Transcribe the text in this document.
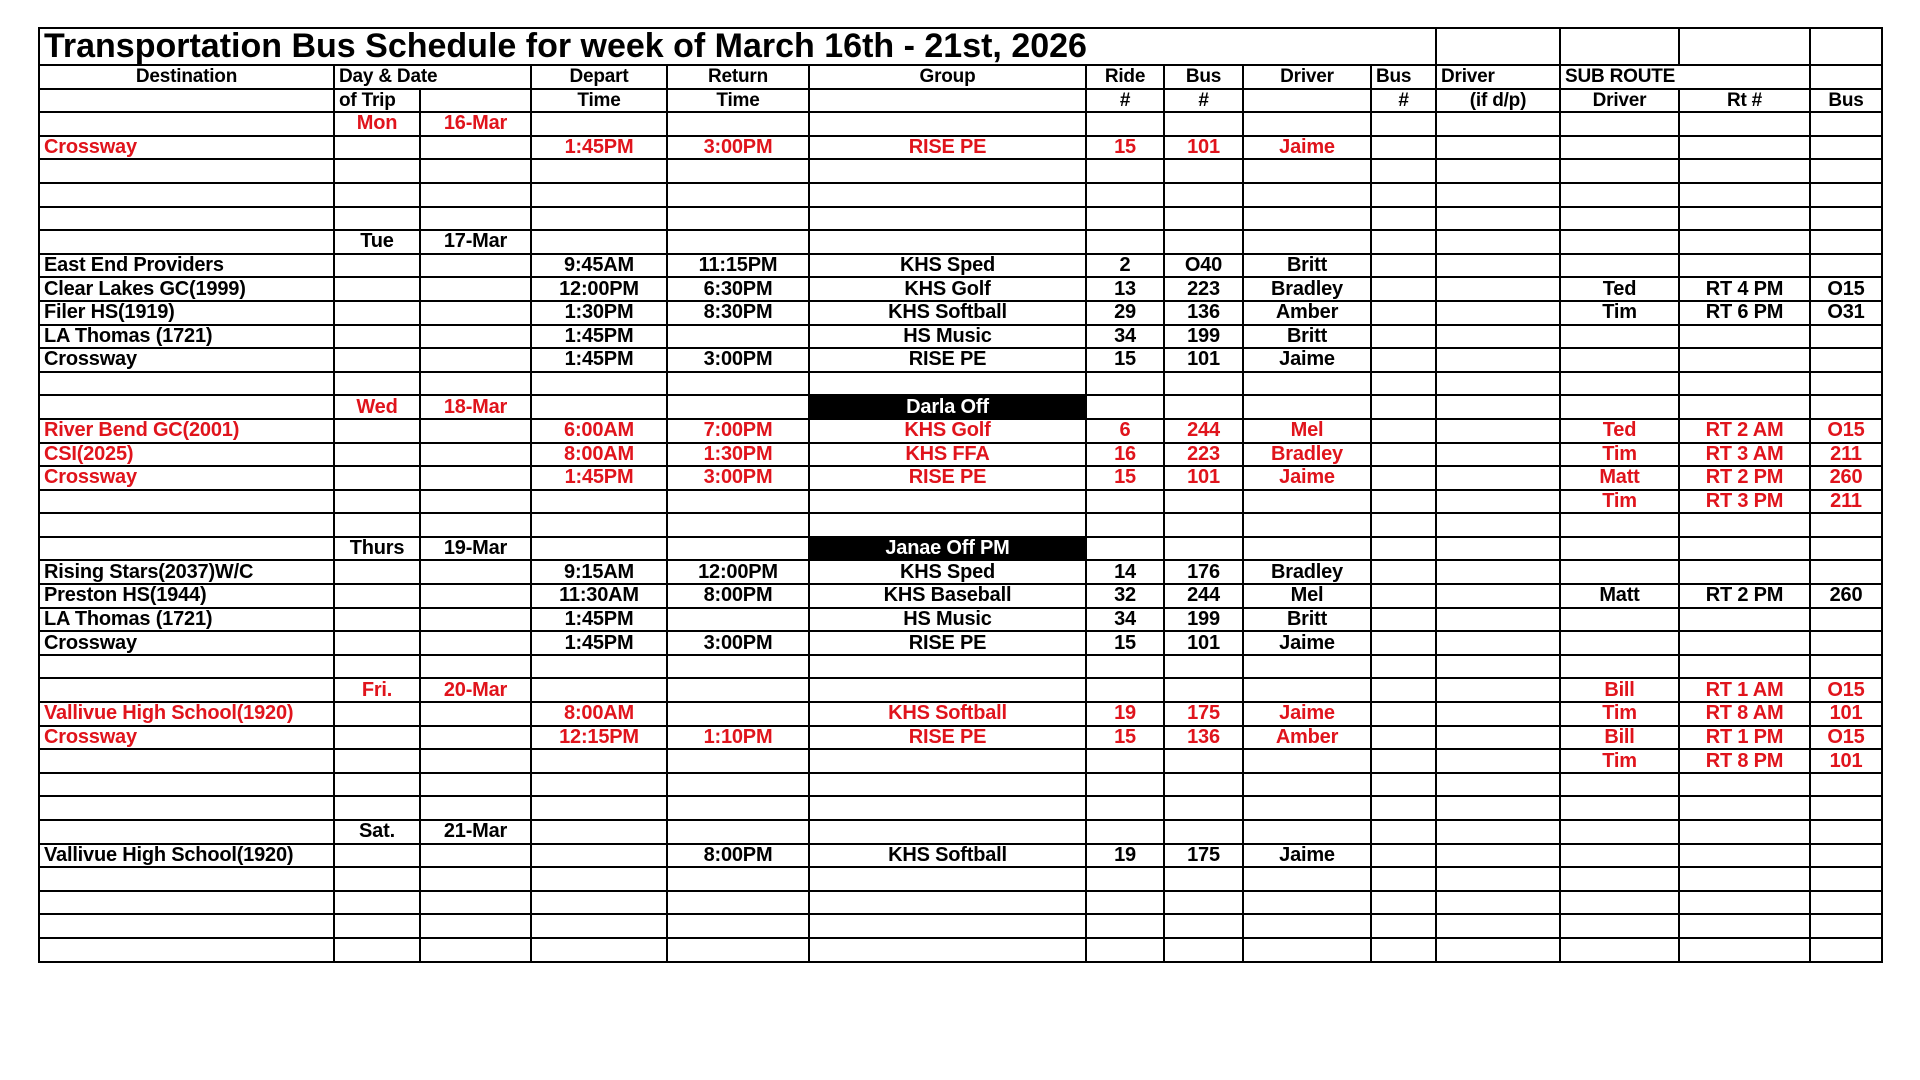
Transportation Bus Schedule for week of March 16th - 21st, 2026													
Destination	Day & Date		Depart	Return	Group	Ride	Bus	Driver	Bus	Driver	SUB ROUTE		
	of Trip		Time	Time		#	#		#	(if d/p)	Driver	Rt #	Bus
	Mon	16-Mar											
Crossway			1:45PM	3:00PM	RISE PE	15	101	Jaime					

	Tue	17-Mar											
East End Providers			9:45AM	11:15PM	KHS Sped	2	O40	Britt					
Clear Lakes GC(1999)			12:00PM	6:30PM	KHS Golf	13	223	Bradley			Ted	RT 4 PM	O15
Filer HS(1919)			1:30PM	8:30PM	KHS Softball	29	136	Amber			Tim	RT 6 PM	O31
LA Thomas (1721)			1:45PM		HS Music	34	199	Britt					
Crossway			1:45PM	3:00PM	RISE PE	15	101	Jaime					

	Wed	18-Mar			Darla Off								
River Bend GC(2001)			6:00AM	7:00PM	KHS Golf	6	244	Mel			Ted	RT 2 AM	O15
CSI(2025)			8:00AM	1:30PM	KHS FFA	16	223	Bradley			Tim	RT 3 AM	211
Crossway			1:45PM	3:00PM	RISE PE	15	101	Jaime			Matt	RT 2 PM	260
											Tim	RT 3 PM	211

	Thurs	19-Mar			Janae Off PM								
Rising Stars(2037)W/C			9:15AM	12:00PM	KHS Sped	14	176	Bradley					
Preston HS(1944)			11:30AM	8:00PM	KHS Baseball	32	244	Mel			Matt	RT 2 PM	260
LA Thomas (1721)			1:45PM		HS Music	34	199	Britt					
Crossway			1:45PM	3:00PM	RISE PE	15	101	Jaime					

	Fri.	20-Mar									Bill	RT 1 AM	O15
Vallivue High School(1920)			8:00AM		KHS Softball	19	175	Jaime			Tim	RT 8 AM	101
Crossway			12:15PM	1:10PM	RISE PE	15	136	Amber			Bill	RT 1 PM	O15
											Tim	RT 8 PM	101

	Sat.	21-Mar											
Vallivue High School(1920)				8:00PM	KHS Softball	19	175	Jaime					
